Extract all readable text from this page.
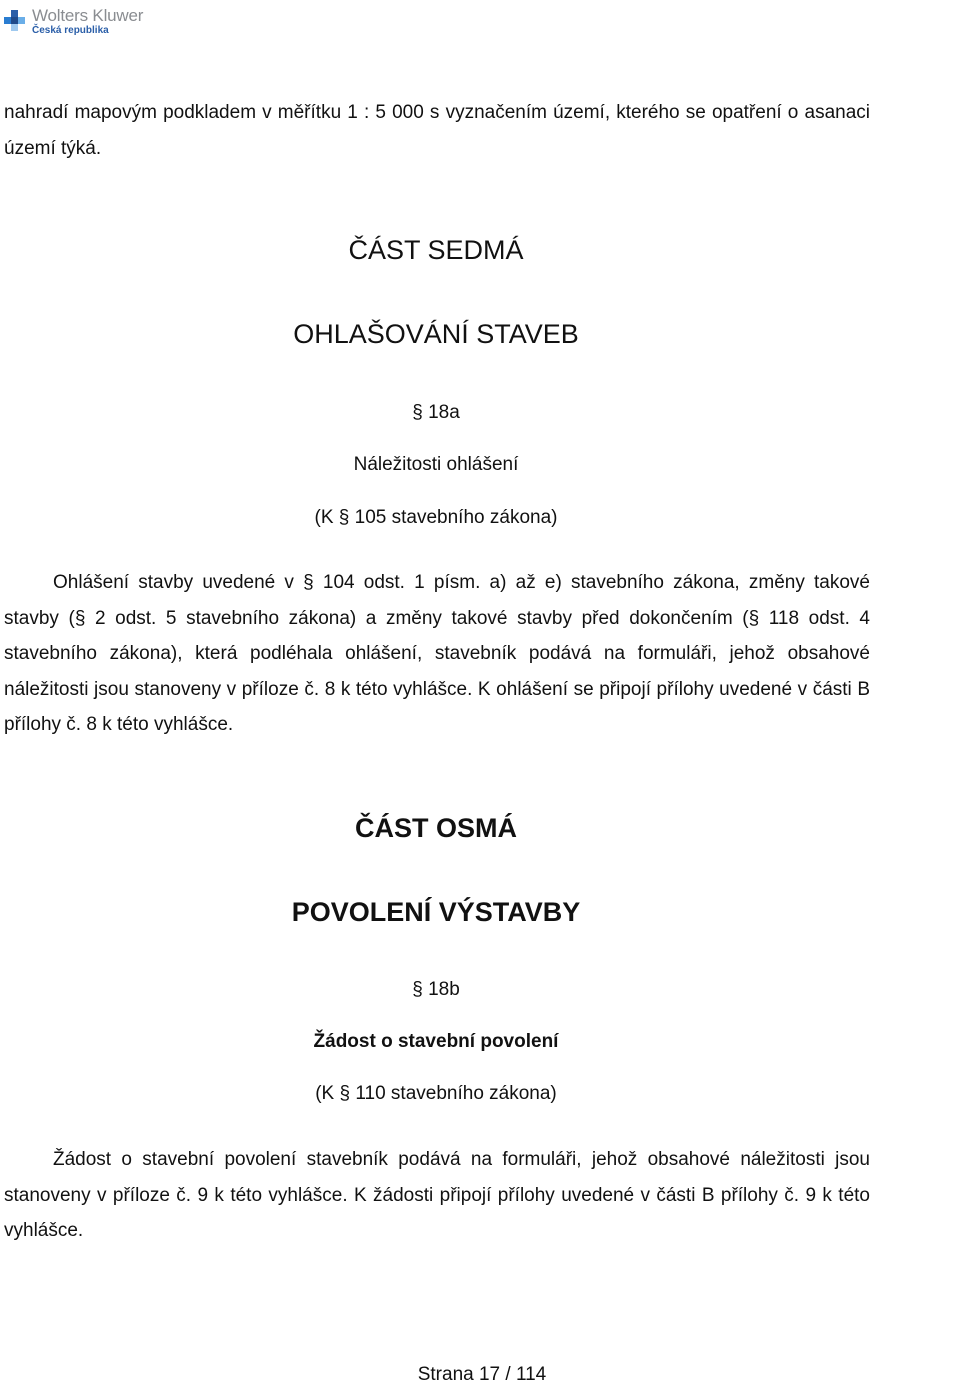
Wolters Kluwer
Česká republika

nahradí mapovým podkladem v měřítku 1 : 5 000 s vyznačením území, kterého se opatření o asanaci území týká.

ČÁST SEDMÁ
OHLAŠOVÁNÍ STAVEB
§ 18a
Náležitosti ohlášení
(K § 105 stavebního zákona)

Ohlášení stavby uvedené v § 104 odst. 1 písm. a) až e) stavebního zákona, změny takové stavby (§ 2 odst. 5 stavebního zákona) a změny takové stavby před dokončením (§ 118 odst. 4 stavebního zákona), která podléhala ohlášení, stavebník podává na formuláři, jehož obsahové náležitosti jsou stanoveny v příloze č. 8 k této vyhlášce. K ohlášení se připojí přílohy uvedené v části B přílohy č. 8 k této vyhlášce.

ČÁST OSMÁ
POVOLENÍ VÝSTAVBY
§ 18b
Žádost o stavební povolení
(K § 110 stavebního zákona)

Žádost o stavební povolení stavebník podává na formuláři, jehož obsahové náležitosti jsou stanoveny v příloze č. 9 k této vyhlášce. K žádosti připojí přílohy uvedené v části B přílohy č. 9 k této vyhlášce.

Strana 17 / 114
